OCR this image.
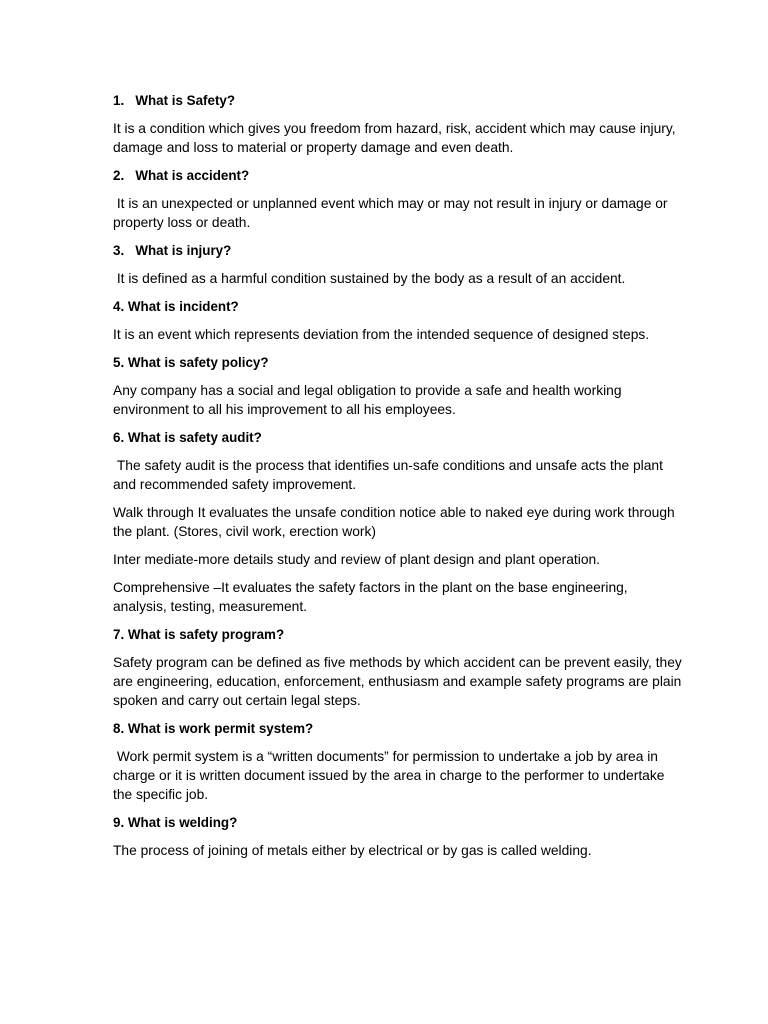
1.   What is Safety?
It is a condition which gives you freedom from hazard, risk, accident which may cause injury, damage and loss to material or property damage and even death.
2.   What is accident?
It is an unexpected or unplanned event which may or may not result in injury or damage or property loss or death.
3.   What is injury?
It is defined as a harmful condition sustained by the body as a result of an accident.
4. What is incident?
It is an event which represents deviation from the intended sequence of designed steps.
5. What is safety policy?
Any company has a social and legal obligation to provide a safe and health working environment to all his improvement to all his employees.
6. What is safety audit?
The safety audit is the process that identifies un-safe conditions and unsafe acts the plant and recommended safety improvement.
Walk through It evaluates the unsafe condition notice able to naked eye during work through the plant. (Stores, civil work, erection work)
Inter mediate-more details study and review of plant design and plant operation.
Comprehensive –It evaluates the safety factors in the plant on the base engineering, analysis, testing, measurement.
7. What is safety program?
Safety program can be defined as five methods by which accident can be prevent easily, they are engineering, education, enforcement, enthusiasm and example safety programs are plain spoken and carry out certain legal steps.
8. What is work permit system?
Work permit system is a “written documents” for permission to undertake a job by area in charge or it is written document issued by the area in charge to the performer to undertake the specific job.
9. What is welding?
The process of joining of metals either by electrical or by gas is called welding.
